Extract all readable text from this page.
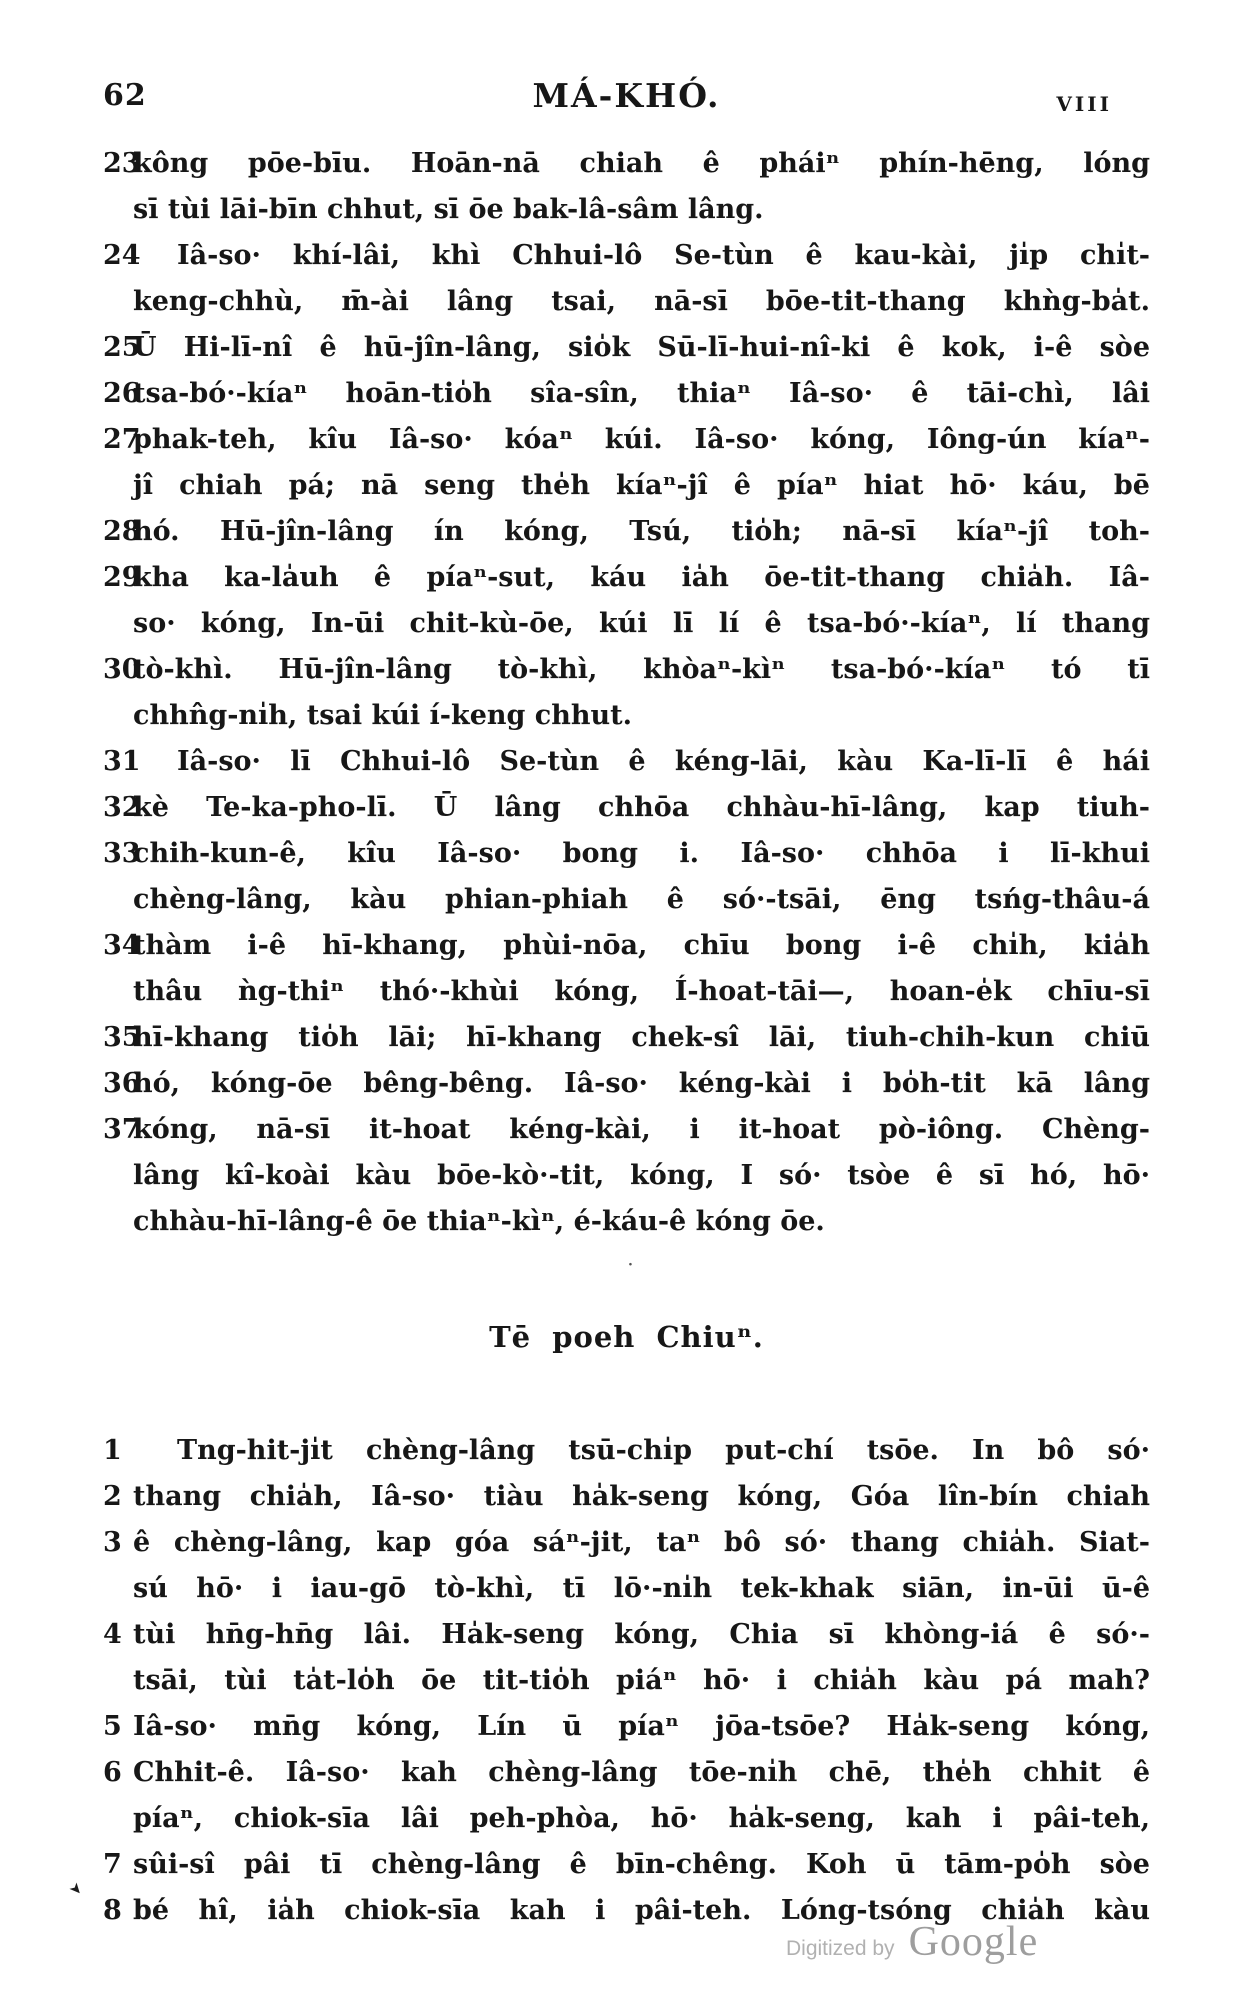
62	MÁ-KHÓ.	VIII
23
kông pōe-bīu. Hoān-nā chiah ê pháiⁿ phín-hēng, lóng
sī tùi lāi-bīn chhut, sī ōe bak-lâ-sâm lâng.
24	Iâ-so· khí-lâi, khì Chhui-lô Se-tùn ê kau-kài, ji̍p chi̍t-
keng-chhù, m̄-ài lâng tsai, nā-sī bōe-tit-thang khǹg-ba̍t.
25
Ū Hi-lī-nî ê hū-jîn-lâng, sio̍k Sū-lī-hui-nî-ki ê kok, i-ê sòe
26
tsa-bó·-kíaⁿ hoān-tio̍h sîa-sîn, thiaⁿ Iâ-so· ê tāi-chì, lâi
27
phak-teh, kîu Iâ-so· kóaⁿ kúi. Iâ-so· kóng, Iông-ún kíaⁿ-
jî chiah pá; nā seng the̍h kíaⁿ-jî ê píaⁿ hiat hō· káu, bē
28
hó. Hū-jîn-lâng ín kóng, Tsú, tio̍h; nā-sī kíaⁿ-jî toh-
29
kha ka-la̍uh ê píaⁿ-sut, káu ia̍h ōe-tit-thang chia̍h. Iâ-
so· kóng, In-ūi chit-kù-ōe, kúi lī lí ê tsa-bó·-kíaⁿ, lí thang
30
tò-khì. Hū-jîn-lâng tò-khì, khòaⁿ-kìⁿ tsa-bó·-kíaⁿ tó tī
chhn̂g-ni̍h, tsai kúi í-keng chhut.
31	Iâ-so· lī Chhui-lô Se-tùn ê kéng-lāi, kàu Ka-lī-lī ê hái
32
kè Te-ka-pho-lī. Ū lâng chhōa chhàu-hī-lâng, kap tiuh-
33
chih-kun-ê, kîu Iâ-so· bong i. Iâ-so· chhōa i lī-khui
chèng-lâng, kàu phian-phiah ê só·-tsāi, ēng tsńg-thâu-á
34
thàm i-ê hī-khang, phùi-nōa, chīu bong i-ê chi̍h, kia̍h
thâu ǹg-thiⁿ thó·-khùi kóng, Í-hoat-tāi—, hoan-e̍k chīu-sī
35
hī-khang tio̍h lāi; hī-khang chek-sî lāi, tiuh-chih-kun chiū
36
hó, kóng-ōe bêng-bêng. Iâ-so· kéng-kài i bo̍h-tit kā lâng
37
kóng, nā-sī it-hoat kéng-kài, i it-hoat pò-iông. Chèng-
lâng kî-koài kàu bōe-kò·-tit, kóng, I só· tsòe ê sī hó, hō·
chhàu-hī-lâng-ê ōe thiaⁿ-kìⁿ, é-káu-ê kóng ōe.
·
Tē poeh Chiuⁿ.
1	Tng-hit-ji̍t chèng-lâng tsū-chi̍p put-chí tsōe. In bô só·
2 thang chia̍h, Iâ-so· tiàu ha̍k-seng kóng, Góa lîn-bín chiah
3 ê chèng-lâng, kap góa sáⁿ-jit, taⁿ bô só· thang chia̍h. Siat-
sú hō· i iau-gō tò-khì, tī lō·-ni̍h tek-khak siān, in-ūi ū-ê
4 tùi hn̄g-hn̄g lâi. Ha̍k-seng kóng, Chia sī khòng-iá ê só·-
tsāi, tùi ta̍t-lo̍h ōe tit-tio̍h piáⁿ hō· i chia̍h kàu pá mah?
5 Iâ-so· mn̄g kóng, Lín ū píaⁿ jōa-tsōe? Ha̍k-seng kóng,
6 Chhit-ê. Iâ-so· kah chèng-lâng tōe-ni̍h chē, the̍h chhit ê
píaⁿ, chiok-sīa lâi peh-phòa, hō· ha̍k-seng, kah i pâi-teh,
7 sûi-sî pâi tī chèng-lâng ê bīn-chêng. Koh ū tām-po̍h sòe
8 bé hî, ia̍h chiok-sīa kah i pâi-teh. Lóng-tsóng chia̍h kàu
➤
Digitized by Google
